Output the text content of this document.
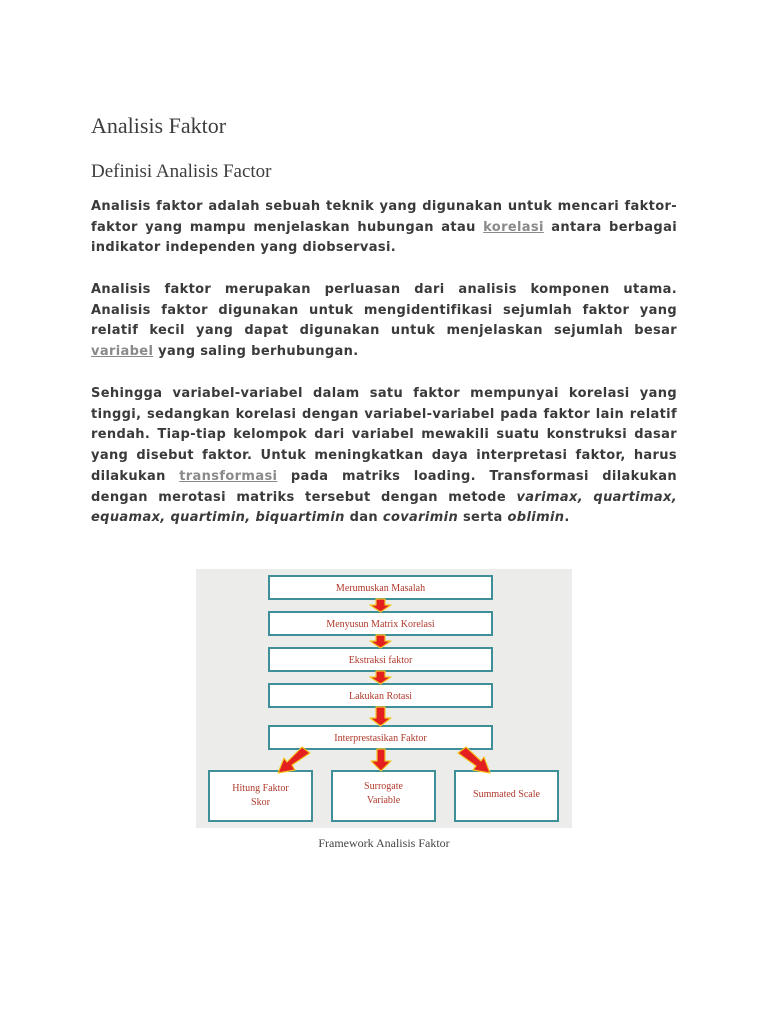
Analisis Faktor
Definisi Analisis Factor

Analisis faktor adalah sebuah teknik yang digunakan untuk mencari faktor-faktor yang mampu menjelaskan hubungan atau korelasi antara berbagai indikator independen yang diobservasi.

Analisis faktor merupakan perluasan dari analisis komponen utama. Analisis faktor digunakan untuk mengidentifikasi sejumlah faktor yang relatif kecil yang dapat digunakan untuk menjelaskan sejumlah besar variabel yang saling berhubungan.

Sehingga variabel-variabel dalam satu faktor mempunyai korelasi yang tinggi, sedangkan korelasi dengan variabel-variabel pada faktor lain relatif rendah. Tiap-tiap kelompok dari variabel mewakili suatu konstruksi dasar yang disebut faktor. Untuk meningkatkan daya interpretasi faktor, harus dilakukan transformasi pada matriks loading. Transformasi dilakukan dengan merotasi matriks tersebut dengan metode varimax, quartimax, equamax, quartimin, biquartimin dan covarimin serta oblimin.

Merumuskan Masalah
Menyusun Matrix Korelasi
Ekstraksi faktor
Lakukan Rotasi
Interprestasikan Faktor
Hitung Faktor
Skor
Surrogate
Variable
Summated Scale
Framework Analisis Faktor
